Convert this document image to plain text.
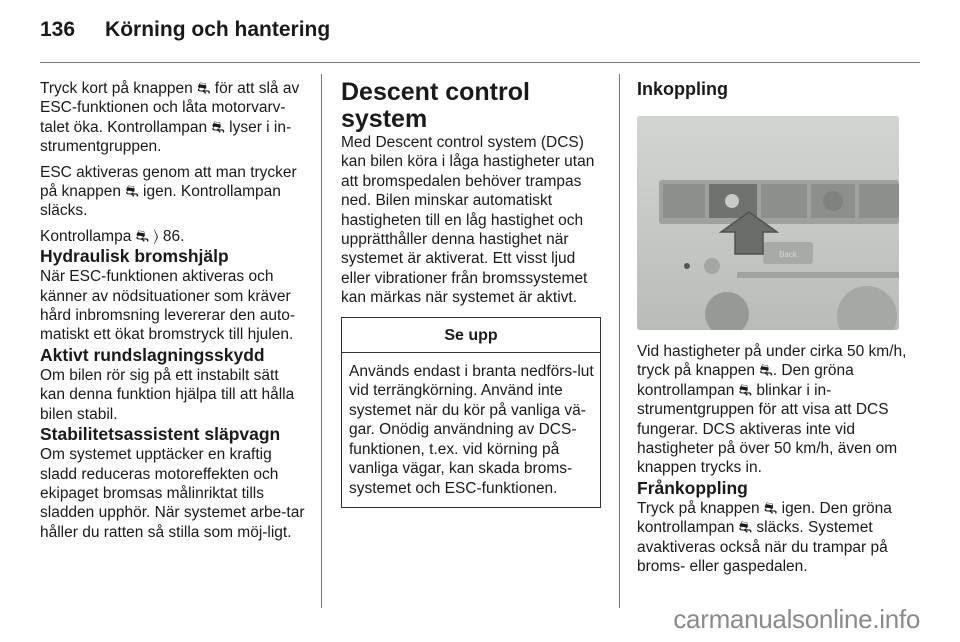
136 Körning och hantering

Tryck kort på knappen ⛐ för att slå av ESC-funktionen och låta motorvarv-talet öka. Kontrollampan ⛐ lyser i in-strumentgruppen.

ESC aktiveras genom att man trycker på knappen ⛐ igen. Kontrollampan släcks.

Kontrollampa ⛐ ⟩ 86.

Hydraulisk bromshjälp

När ESC-funktionen aktiveras och känner av nödsituationer som kräver hård inbromsning levererar den auto-matiskt ett ökat bromstryck till hjulen.

Aktivt rundslagningsskydd

Om bilen rör sig på ett instabilt sätt kan denna funktion hjälpa till att hålla bilen stabil.

Stabilitetsassistent släpvagn

Om systemet upptäcker en kraftig sladd reduceras motoreffekten och ekipaget bromsas målinriktat tills sladden upphör. När systemet arbe-tar håller du ratten så stilla som möj-ligt.

Descent control system

Med Descent control system (DCS) kan bilen köra i låga hastigheter utan att bromspedalen behöver trampas ned. Bilen minskar automatiskt hastigheten till en låg hastighet och upprätthåller denna hastighet när systemet är aktiverat. Ett visst ljud eller vibrationer från bromssystemet kan märkas när systemet är aktivt.

Se upp
Används endast i branta nedförs-lut vid terrängkörning. Använd inte systemet när du kör på vanliga vä-gar. Onödig användning av DCS-funktionen, t.ex. vid körning på vanliga vägar, kan skada broms-systemet och ESC-funktionen.

Inkoppling

Back

Vid hastigheter på under cirka 50 km/h, tryck på knappen ⛐. Den gröna kontrollampan ⛐ blinkar i in-strumentgruppen för att visa att DCS fungerar. DCS aktiveras inte vid hastigheter på över 50 km/h, även om knappen trycks in.

Frånkoppling

Tryck på knappen ⛐ igen. Den gröna kontrollampan ⛐ släcks. Systemet avaktiveras också när du trampar på broms- eller gaspedalen.

carmanualsonline.info
